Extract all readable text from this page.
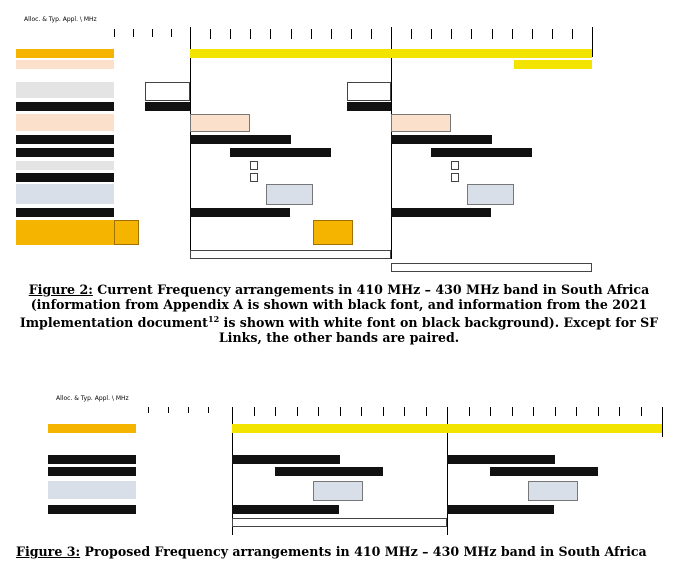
Alloc. & Typ. Appl. \ MHz
Figure 2: Current Frequency arrangements in 410 MHz – 430 MHz band in South Africa (information from Appendix A is shown with black font, and information from the 2021 Implementation document$^{12}$ is shown with white font on black background). Except for SF Links, the other bands are paired.
Alloc. & Typ. Appl. \ MHz
Figure 3: Proposed Frequency arrangements in 410 MHz – 430 MHz band in South Africa
